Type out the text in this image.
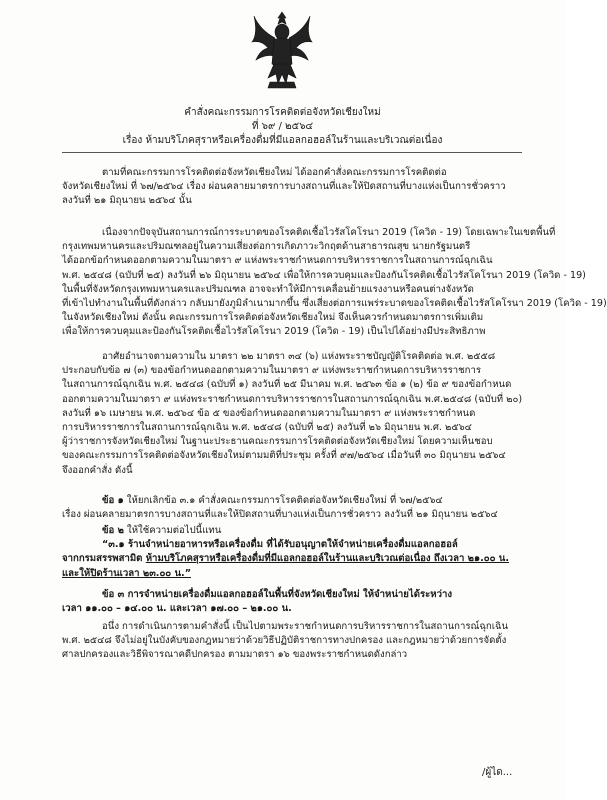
คำสั่งคณะกรรมการโรคติดต่อจังหวัดเชียงใหม่
ที่ ๖๙ / ๒๕๖๔
เรื่อง ห้ามบริโภคสุราหรือเครื่องดื่มที่มีแอลกอฮอล์ในร้านและบริเวณต่อเนื่อง
ตามที่คณะกรรมการโรคติดต่อจังหวัดเชียงใหม่ ได้ออกคำสั่งคณะกรรมการโรคติดต่อ
จังหวัดเชียงใหม่ ที่ ๖๗/๒๕๖๔ เรื่อง ผ่อนคลายมาตรการบางสถานที่และให้ปิดสถานที่บางแห่งเป็นการชั่วคราว
ลงวันที่ ๒๑ มิถุนายน ๒๕๖๔ นั้น
เนื่องจากปัจจุบันสถานการณ์การระบาดของโรคติดเชื้อไวรัสโคโรนา 2019 (โควิด - 19) โดยเฉพาะในเขตพื้นที่
กรุงเทพมหานครและปริมณฑลอยู่ในความเสี่ยงต่อการเกิดภาวะวิกฤตด้านสาธารณสุข นายกรัฐมนตรี
ได้ออกข้อกำหนดออกตามความในมาตรา ๙ แห่งพระราชกำหนดการบริหารราชการในสถานการณ์ฉุกเฉิน
พ.ศ. ๒๕๔๘ (ฉบับที่ ๒๕) ลงวันที่ ๒๖ มิถุนายน ๒๕๖๔ เพื่อให้การควบคุมและป้องกันโรคติดเชื้อไวรัสโคโรนา 2019 (โควิด - 19)
ในพื้นที่จังหวัดกรุงเทพมหานครและปริมณฑล อาจจะทำให้มีการเคลื่อนย้ายแรงงานหรือคนต่างจังหวัด
ที่เข้าไปทำงานในพื้นที่ดังกล่าว กลับมายังภูมิลำเนามากขึ้น ซึ่งเสี่ยงต่อการแพร่ระบาดของโรคติดเชื้อไวรัสโคโรนา 2019 (โควิด - 19)
ในจังหวัดเชียงใหม่ ดังนั้น คณะกรรมการโรคติดต่อจังหวัดเชียงใหม่ จึงเห็นควรกำหนดมาตรการเพิ่มเติม
เพื่อให้การควบคุมและป้องกันโรคติดเชื้อไวรัสโคโรนา 2019 (โควิด - 19) เป็นไปได้อย่างมีประสิทธิภาพ
อาศัยอำนาจตามความใน มาตรา ๒๒ มาตรา ๓๔ (๖) แห่งพระราชบัญญัติโรคติดต่อ พ.ศ. ๒๕๕๘
ประกอบกับข้อ ๗ (๓) ของข้อกำหนดออกตามความในมาตรา ๙ แห่งพระราชกำหนดการบริหารราชการ
ในสถานการณ์ฉุกเฉิน พ.ศ. ๒๕๔๘ (ฉบับที่ ๑) ลงวันที่ ๒๕ มีนาคม พ.ศ. ๒๕๖๓ ข้อ ๑ (๒) ข้อ ๙ ของข้อกำหนด
ออกตามความในมาตรา ๙ แห่งพระราชกำหนดการบริหารราชการในสถานการณ์ฉุกเฉิน พ.ศ.๒๕๔๘ (ฉบับที่ ๒๐)
ลงวันที่ ๑๖ เมษายน พ.ศ. ๒๕๖๔ ข้อ ๕ ของข้อกำหนดออกตามความในมาตรา ๙ แห่งพระราชกำหนด
การบริหารราชการในสถานการณ์ฉุกเฉิน พ.ศ. ๒๕๔๘ (ฉบับที่ ๒๕) ลงวันที่ ๒๖ มิถุนายน พ.ศ. ๒๕๖๔
ผู้ว่าราชการจังหวัดเชียงใหม่ ในฐานะประธานคณะกรรมการโรคติดต่อจังหวัดเชียงใหม่ โดยความเห็นชอบ
ของคณะกรรมการโรคติดต่อจังหวัดเชียงใหม่ตามมติที่ประชุม ครั้งที่ ๙๗/๒๕๖๔ เมื่อวันที่ ๓๐ มิถุนายน ๒๕๖๔
จึงออกคำสั่ง ดังนี้
ข้อ ๑ ให้ยกเลิกข้อ ๓.๑ คำสั่งคณะกรรมการโรคติดต่อจังหวัดเชียงใหม่ ที่ ๖๗/๒๕๖๔
เรื่อง ผ่อนคลายมาตรการบางสถานที่และให้ปิดสถานที่บางแห่งเป็นการชั่วคราว ลงวันที่ ๒๑ มิถุนายน ๒๕๖๔
ข้อ ๒ ให้ใช้ความต่อไปนี้แทน
“๓.๑ ร้านจำหน่ายอาหารหรือเครื่องดื่ม ที่ได้รับอนุญาตให้จำหน่ายเครื่องดื่มแอลกอฮอล์
จากกรมสรรพสามิต ห้ามบริโภคสุราหรือเครื่องดื่มที่มีแอลกอฮอล์ในร้านและบริเวณต่อเนื่อง ถึงเวลา ๒๑.๐๐ น.
และให้ปิดร้านเวลา ๒๓.๐๐ น.”
ข้อ ๓ การจำหน่ายเครื่องดื่มแอลกอฮอล์ในพื้นที่จังหวัดเชียงใหม่ ให้จำหน่ายได้ระหว่าง
เวลา ๑๑.๐๐ – ๑๔.๐๐ น. และเวลา ๑๗.๐๐ – ๒๑.๐๐ น.
อนึ่ง การดำเนินการตามคำสั่งนี้ เป็นไปตามพระราชกำหนดการบริหารราชการในสถานการณ์ฉุกเฉิน
พ.ศ. ๒๕๔๘ จึงไม่อยู่ในบังคับของกฎหมายว่าด้วยวิธีปฏิบัติราชการทางปกครอง และกฎหมายว่าด้วยการจัดตั้ง
ศาลปกครองและวิธีพิจารณาคดีปกครอง ตามมาตรา ๑๖ ของพระราชกำหนดดังกล่าว
/ผู้ได...
